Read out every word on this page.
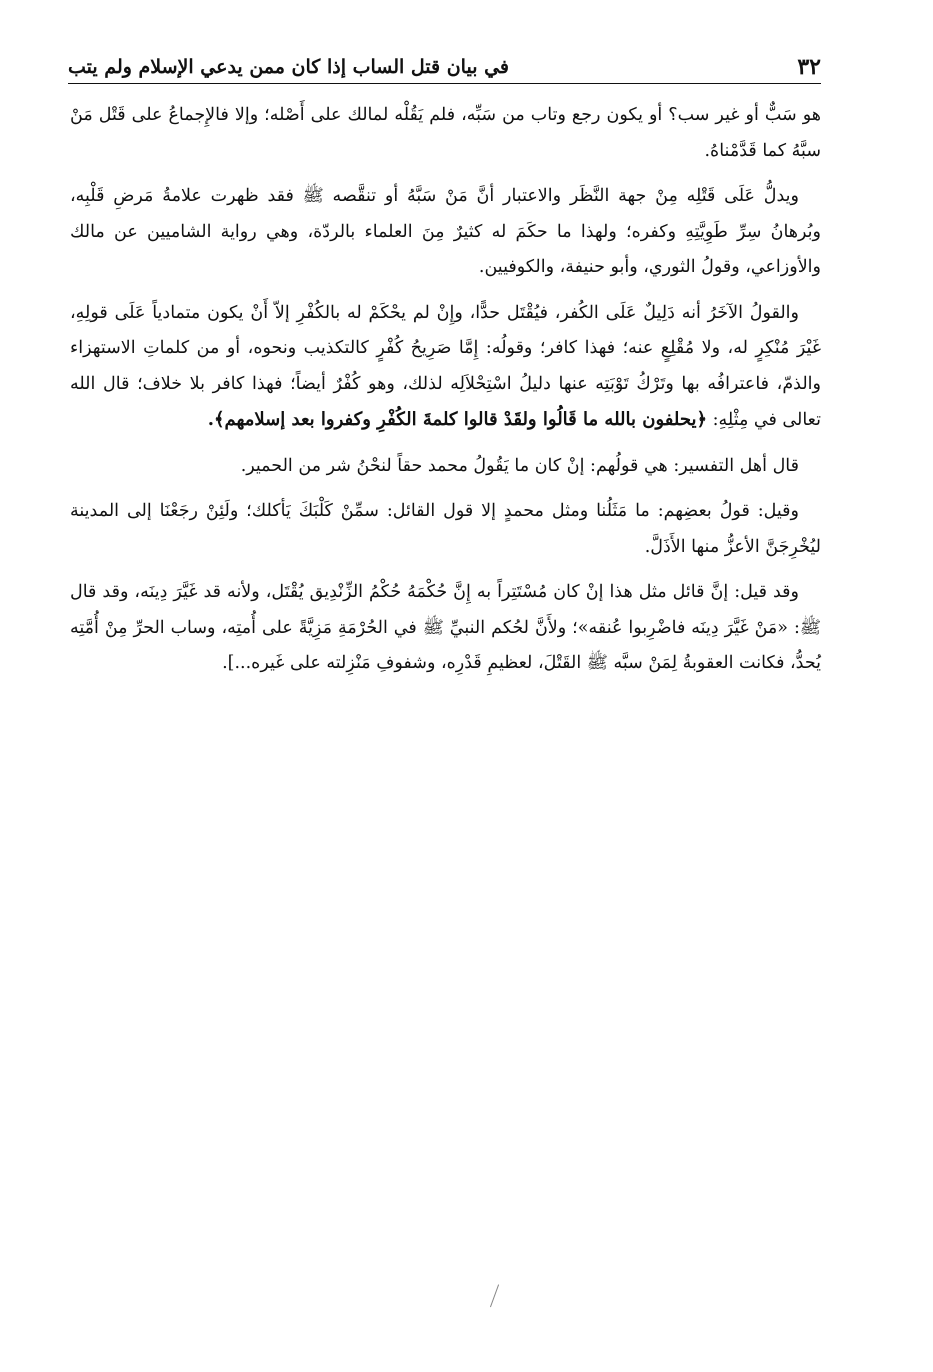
٣٢
في بيان قتل الساب إذا كان ممن يدعي الإسلام ولم يتب

هو سَبٌّ أو غير سب؟ أو يكون رجع وتاب من سَبِّه، فلم يَقُلْه لمالك على أَصْله؛ وإلا فالإِجماعُ على قَتْل مَنْ سبَّهُ كما قَدَّمْناهُ.

ويدلُّ عَلَى قَتْلِه مِنْ جهة النَّظَر والاعتبار أنَّ مَنْ سَبَّهُ أو تنقَّصه ﷺ فقد ظهرت علامةُ مَرضِ قَلْبِه، وبُرهانُ سِرِّ طَوِيَّتِهِ وكفره؛ ولهذا ما حكَمَ له كثيرٌ مِنَ العلماء بالردّة، وهي رواية الشاميين عن مالك والأوزاعي، وقولُ الثوري، وأبو حنيفة، والكوفيين.

والقولُ الآخَرُ أنه دَلِيلٌ عَلَى الكُفر، فيُقْتَل حدًّا، وإِنْ لم يحْكَمْ له بالكُفْرِ إلاّ أَنْ يكون متمادياً عَلَى قولِهِ، غَيْرَ مُنْكِرٍ له، ولا مُقْلِعٍ عنه؛ فهذا كافر؛ وقولُه: إِمَّا صَرِيحُ كُفْرٍ كالتكذيب ونحوه، أو من كلماتِ الاستهزاء والذمّ، فاعترافُه بها وتَرْكُ تَوْبَتِه عنها دليلُ اسْتِحْلاَلِه لذلك، وهو كُفْرٌ أيضاً؛ فهذا كافر بلا خلاف؛ قال الله تعالى في مِثْلِهِ: ﴿يحلفون بالله ما قَالُوا ولقَدْ قالوا كلمةَ الكُفْرِ وكفروا بعد إسلامهم﴾.

قال أهل التفسير: هي قولُهم: إنْ كان ما يَقُولُ محمد حقاً لنحْنُ شر من الحمير.

وقيل: قولُ بعضِهم: ما مَثَلُنا ومثل محمدٍ إلا قول القائل: سمِّنْ كَلْبَكَ يَأكلك؛ ولَئِنْ رجَعْنَا إلى المدينة ليُخْرِجَنَّ الأعزُّ منها الأَذَلَّ.

وقد قيل: إنَّ قائل مثل هذا إنْ كان مُسْتَتِراً به إِنَّ حُكْمَهُ حُكْمُ الزِّنْدِيق يُقْتَل، ولأنه قد غَيَّرَ دِينَه، وقد قال ﷺ: «مَنْ غَيَّرَ دِينَه فاضْرِبوا عُنقه»؛ ولأَنَّ لحُكم النبيِّ ﷺ في الحُرْمَةِ مَزِيَّةً على أُمتِه، وساب الحرِّ مِنْ أُمَّتِه يُحدُّ، فكانت العقوبةُ لِمَنْ سبَّه ﷺ القَتْلَ، لعظيمِ قَدْرِه، وشفوفِ مَنْزِلته على غَيره...].
